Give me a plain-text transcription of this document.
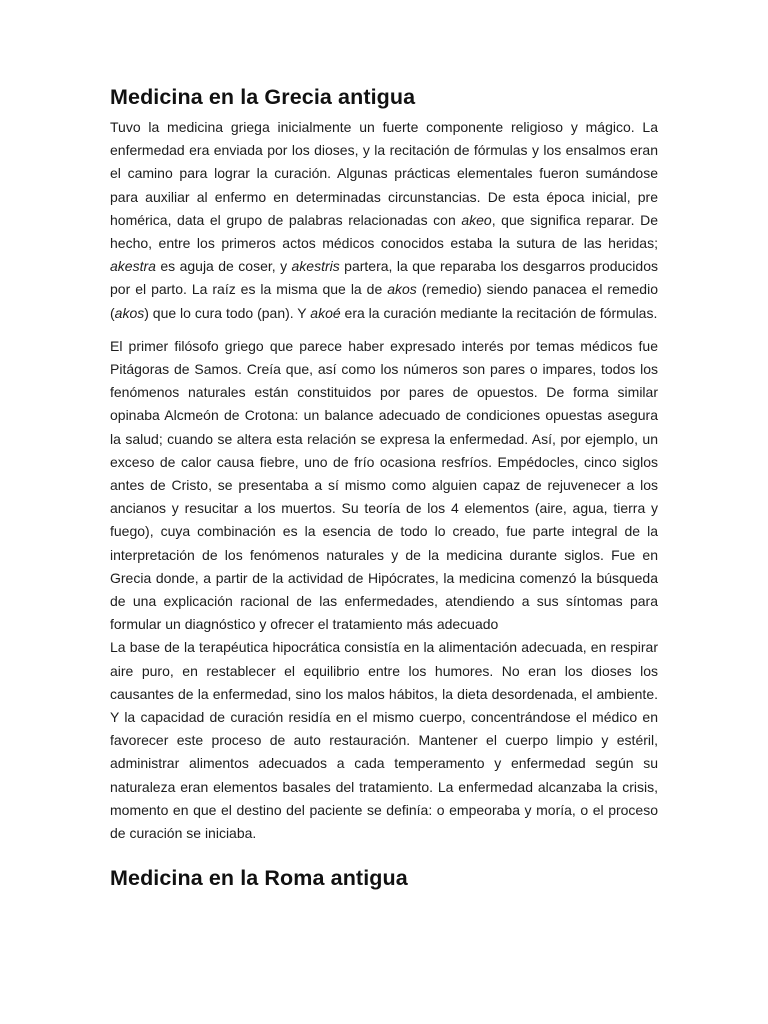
Medicina en la Grecia antigua

Tuvo la medicina griega inicialmente un fuerte componente religioso y mágico. La enfermedad era enviada por los dioses, y la recitación de fórmulas y los ensalmos eran el camino para lograr la curación. Algunas prácticas elementales fueron sumándose para auxiliar al enfermo en determinadas circunstancias. De esta época inicial, pre homérica, data el grupo de palabras relacionadas con akeo, que significa reparar. De hecho, entre los primeros actos médicos conocidos estaba la sutura de las heridas; akestra es aguja de coser, y akestris partera, la que reparaba los desgarros producidos por el parto. La raíz es la misma que la de akos (remedio) siendo panacea el remedio (akos) que lo cura todo (pan). Y akoé era la curación mediante la recitación de fórmulas.

El primer filósofo griego que parece haber expresado interés por temas médicos fue Pitágoras de Samos. Creía que, así como los números son pares o impares, todos los fenómenos naturales están constituidos por pares de opuestos. De forma similar opinaba Alcmeón de Crotona: un balance adecuado de condiciones opuestas asegura la salud; cuando se altera esta relación se expresa la enfermedad. Así, por ejemplo, un exceso de calor causa fiebre, uno de frío ocasiona resfríos. Empédocles, cinco siglos antes de Cristo, se presentaba a sí mismo como alguien capaz de rejuvenecer a los ancianos y resucitar a los muertos. Su teoría de los 4 elementos (aire, agua, tierra y fuego), cuya combinación es la esencia de todo lo creado, fue parte integral de la interpretación de los fenómenos naturales y de la medicina durante siglos. Fue en Grecia donde, a partir de la actividad de Hipócrates, la medicina comenzó la búsqueda de una explicación racional de las enfermedades, atendiendo a sus síntomas para formular un diagnóstico y ofrecer el tratamiento más adecuado

La base de la terapéutica hipocrática consistía en la alimentación adecuada, en respirar aire puro, en restablecer el equilibrio entre los humores. No eran los dioses los causantes de la enfermedad, sino los malos hábitos, la dieta desordenada, el ambiente. Y la capacidad de curación residía en el mismo cuerpo, concentrándose el médico en favorecer este proceso de auto restauración. Mantener el cuerpo limpio y estéril, administrar alimentos adecuados a cada temperamento y enfermedad según su naturaleza eran elementos basales del tratamiento. La enfermedad alcanzaba la crisis, momento en que el destino del paciente se definía: o empeoraba y moría, o el proceso de curación se iniciaba.

Medicina en la Roma antigua
